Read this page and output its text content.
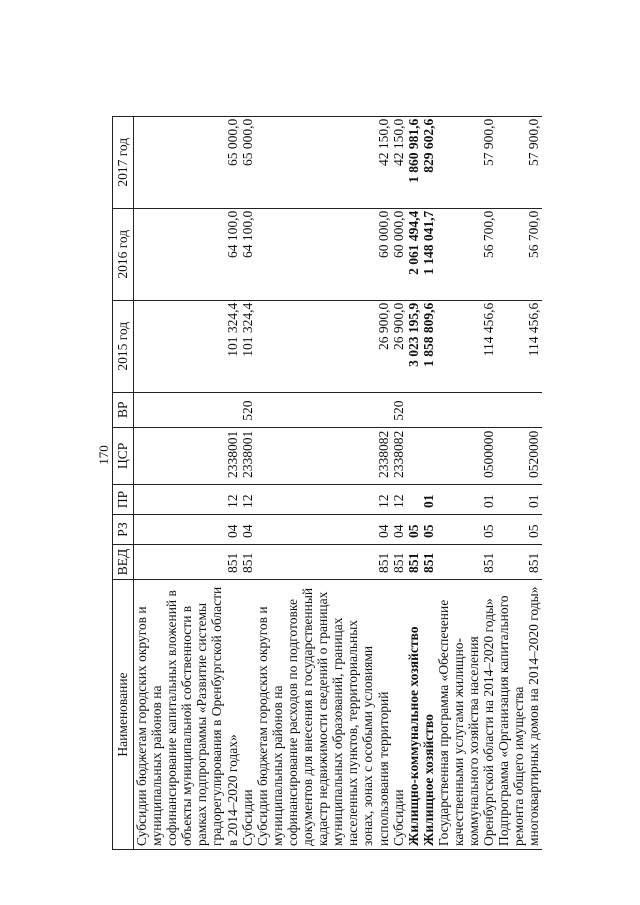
170
Наименование	ВЕД	РЗ	ПР	ЦСР	ВР	2015 год	2016 год	2017 год
Субсидии бюджетам городских округов и муниципальных районов на софинансирование капитальных вложений в объекты муниципальной собственности в рамках подпрограммы «Развитие системы градорегулирования в Оренбургской области в 2014–2020 годах»	851	04	12	2338001		101 324,4	64 100,0	65 000,0
Субсидии	851	04	12	2338001	520	101 324,4	64 100,0	65 000,0
Субсидии бюджетам городских округов и муниципальных районов на софинансирование расходов по подготовке документов для внесения в государственный кадастр недвижимости сведений о границах муниципальных образований, границах населенных пунктов, территориальных зонах, зонах с особыми условиями использования территорий	851	04	12	2338082		26 900,0	60 000,0	42 150,0
Субсидии	851	04	12	2338082	520	26 900,0	60 000,0	42 150,0
Жилищно-коммунальное хозяйство	851	05				3 023 195,9	2 061 494,4	1 860 981,6
Жилищное хозяйство	851	05	01			1 858 809,6	1 148 041,7	829 602,6
Государственная программа «Обеспечение качественными услугами жилищно-коммунального хозяйства населения Оренбургской области на 2014–2020 годы»	851	05	01	0500000		114 456,6	56 700,0	57 900,0
Подпрограмма «Организация капитального ремонта общего имущества многоквартирных домов на 2014–2020 годы»	851	05	01	0520000		114 456,6	56 700,0	57 900,0
